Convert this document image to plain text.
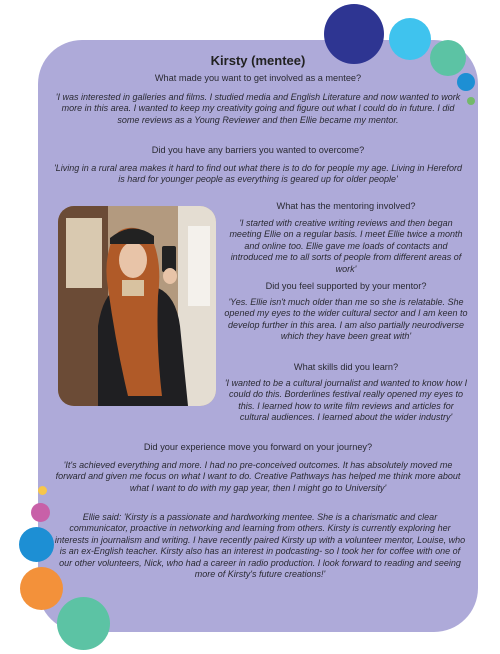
Kirsty (mentee)
What made you want to get involved as a mentee?
'I was interested in galleries and films. I studied media and English Literature and now wanted to work more in this area. I wanted to keep my creativity going and figure out what I could do in future. I did some reviews as a Young Reviewer and then Ellie became my mentor.
Did you have any barriers you wanted to overcome?
'Living in a rural area makes it hard to find out what there is to do for people my age. Living in Hereford is hard for younger people as everything is geared up for older people'
What has the mentoring involved?
'I started with creative writing reviews and then began meeting Ellie on a regular basis. I meet Ellie twice a month and online too. Ellie gave me loads of contacts and introduced me to all sorts of people from different areas of work'
Did you feel supported by your mentor?
'Yes. Ellie isn't much older than me so she is relatable. She opened my eyes to the wider cultural sector and I am keen to develop further in this area. I am also partially neurodiverse which they have been great with'
What skills did you learn?
'I wanted to be a cultural journalist and wanted to know how I could do this. Borderlines festival really opened my eyes to this. I learned how to write film reviews and articles for cultural audiences. I learned about the wider industry'
Did your experience move you forward on your journey?
'It's achieved everything and more. I had no pre-conceived outcomes. It has absolutely moved me forward and given me focus on what I want to do. Creative Pathways has helped me think more about what I want to do with my gap year, then I might go to University'
Ellie said: 'Kirsty is a passionate and hardworking mentee. She is a charismatic and clear communicator, proactive in networking and learning from others. Kirsty is currently exploring her interests in journalism and writing. I have recently paired Kirsty up with a volunteer mentor, Louise, who is an ex-English teacher. Kirsty also has an interest in podcasting- so I took her for coffee with one of our other volunteers, Nick, who had a career in radio production. I look forward to reading and seeing more of Kirsty's future creations!'
